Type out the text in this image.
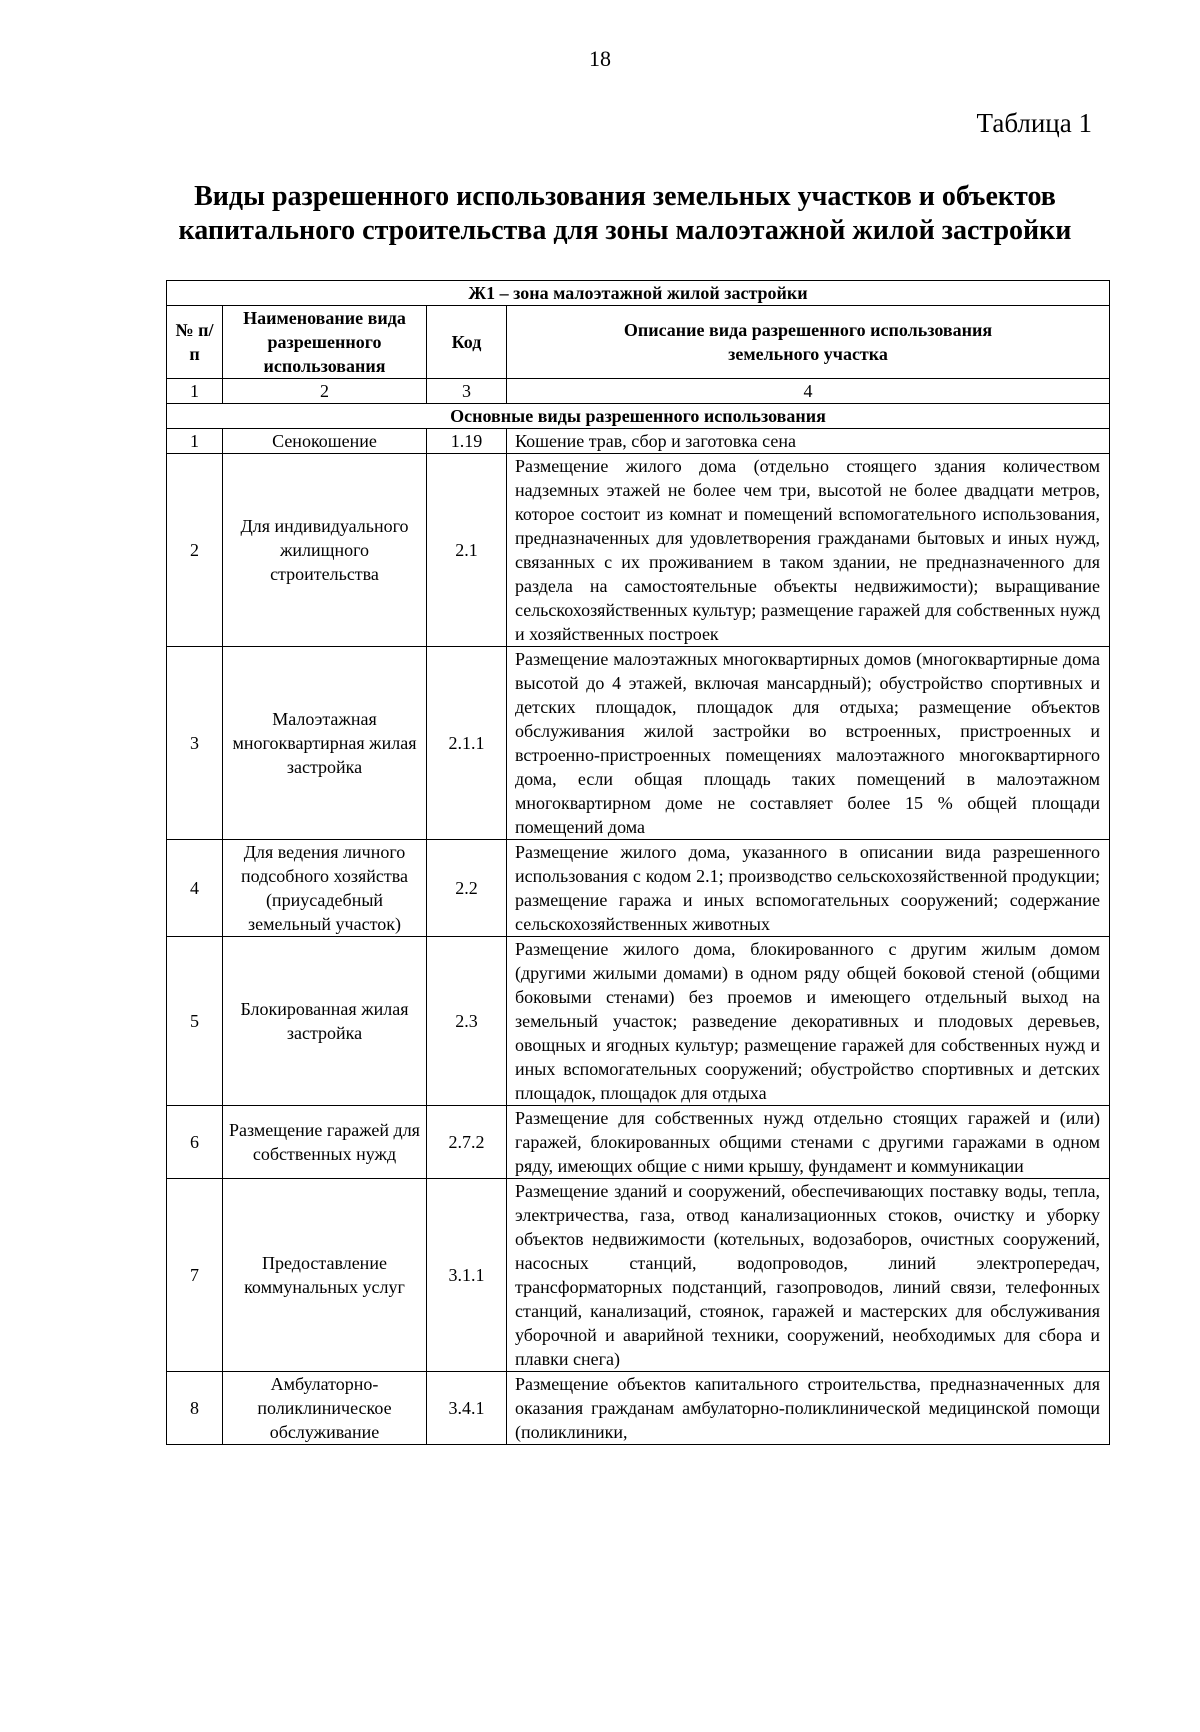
18
Таблица 1
Виды разрешенного использования земельных участков и объектов
капитального строительства для зоны малоэтажной жилой застройки
Ж1 – зона малоэтажной жилой застройки			
№ п/п	Наименование вида разрешенного использования	Код	Описание вида разрешенного использования земельного участка
1	2	3	4
Основные виды разрешенного использования			
1	Сенокошение	1.19	Кошение трав, сбор и заготовка сена
2	Для индивидуального жилищного строительства	2.1	Размещение жилого дома (отдельно стоящего здания количеством надземных этажей не более чем три, высотой не более двадцати метров, которое состоит из комнат и помещений вспомогательного использования, предназначенных для удовлетворения гражданами бытовых и иных нужд, связанных с их проживанием в таком здании, не предназначенного для раздела на самостоятельные объекты недвижимости); выращивание сельскохозяйственных культур; размещение гаражей для собственных нужд и хозяйственных построек
3	Малоэтажная многоквартирная жилая застройка	2.1.1	Размещение малоэтажных многоквартирных домов (многоквартирные дома высотой до 4 этажей, включая мансардный); обустройство спортивных и детских площадок, площадок для отдыха; размещение объектов обслуживания жилой застройки во встроенных, пристроенных и встроенно-пристроенных помещениях малоэтажного многоквартирного дома, если общая площадь таких помещений в малоэтажном многоквартирном доме не составляет более 15 % общей площади помещений дома
4	Для ведения личного подсобного хозяйства (приусадебный земельный участок)	2.2	Размещение жилого дома, указанного в описании вида разрешенного использования с кодом 2.1; производство сельскохозяйственной продукции; размещение гаража и иных вспомогательных сооружений; содержание сельскохозяйственных животных
5	Блокированная жилая застройка	2.3	Размещение жилого дома, блокированного с другим жилым домом (другими жилыми домами) в одном ряду общей боковой стеной (общими боковыми стенами) без проемов и имеющего отдельный выход на земельный участок; разведение декоративных и плодовых деревьев, овощных и ягодных культур; размещение гаражей для собственных нужд и иных вспомогательных сооружений; обустройство спортивных и детских площадок, площадок для отдыха
6	Размещение гаражей для собственных нужд	2.7.2	Размещение для собственных нужд отдельно стоящих гаражей и (или) гаражей, блокированных общими стенами с другими гаражами в одном ряду, имеющих общие с ними крышу, фундамент и коммуникации
7	Предоставление коммунальных услуг	3.1.1	Размещение зданий и сооружений, обеспечивающих поставку воды, тепла, электричества, газа, отвод канализационных стоков, очистку и уборку объектов недвижимости (котельных, водозаборов, очистных сооружений, насосных станций, водопроводов, линий электропередач, трансформаторных подстанций, газопроводов, линий связи, телефонных станций, канализаций, стоянок, гаражей и мастерских для обслуживания уборочной и аварийной техники, сооружений, необходимых для сбора и плавки снега)
8	Амбулаторно-поликлиническое обслуживание	3.4.1	Размещение объектов капитального строительства, предназначенных для оказания гражданам амбулаторно-поликлинической медицинской помощи (поликлиники,
